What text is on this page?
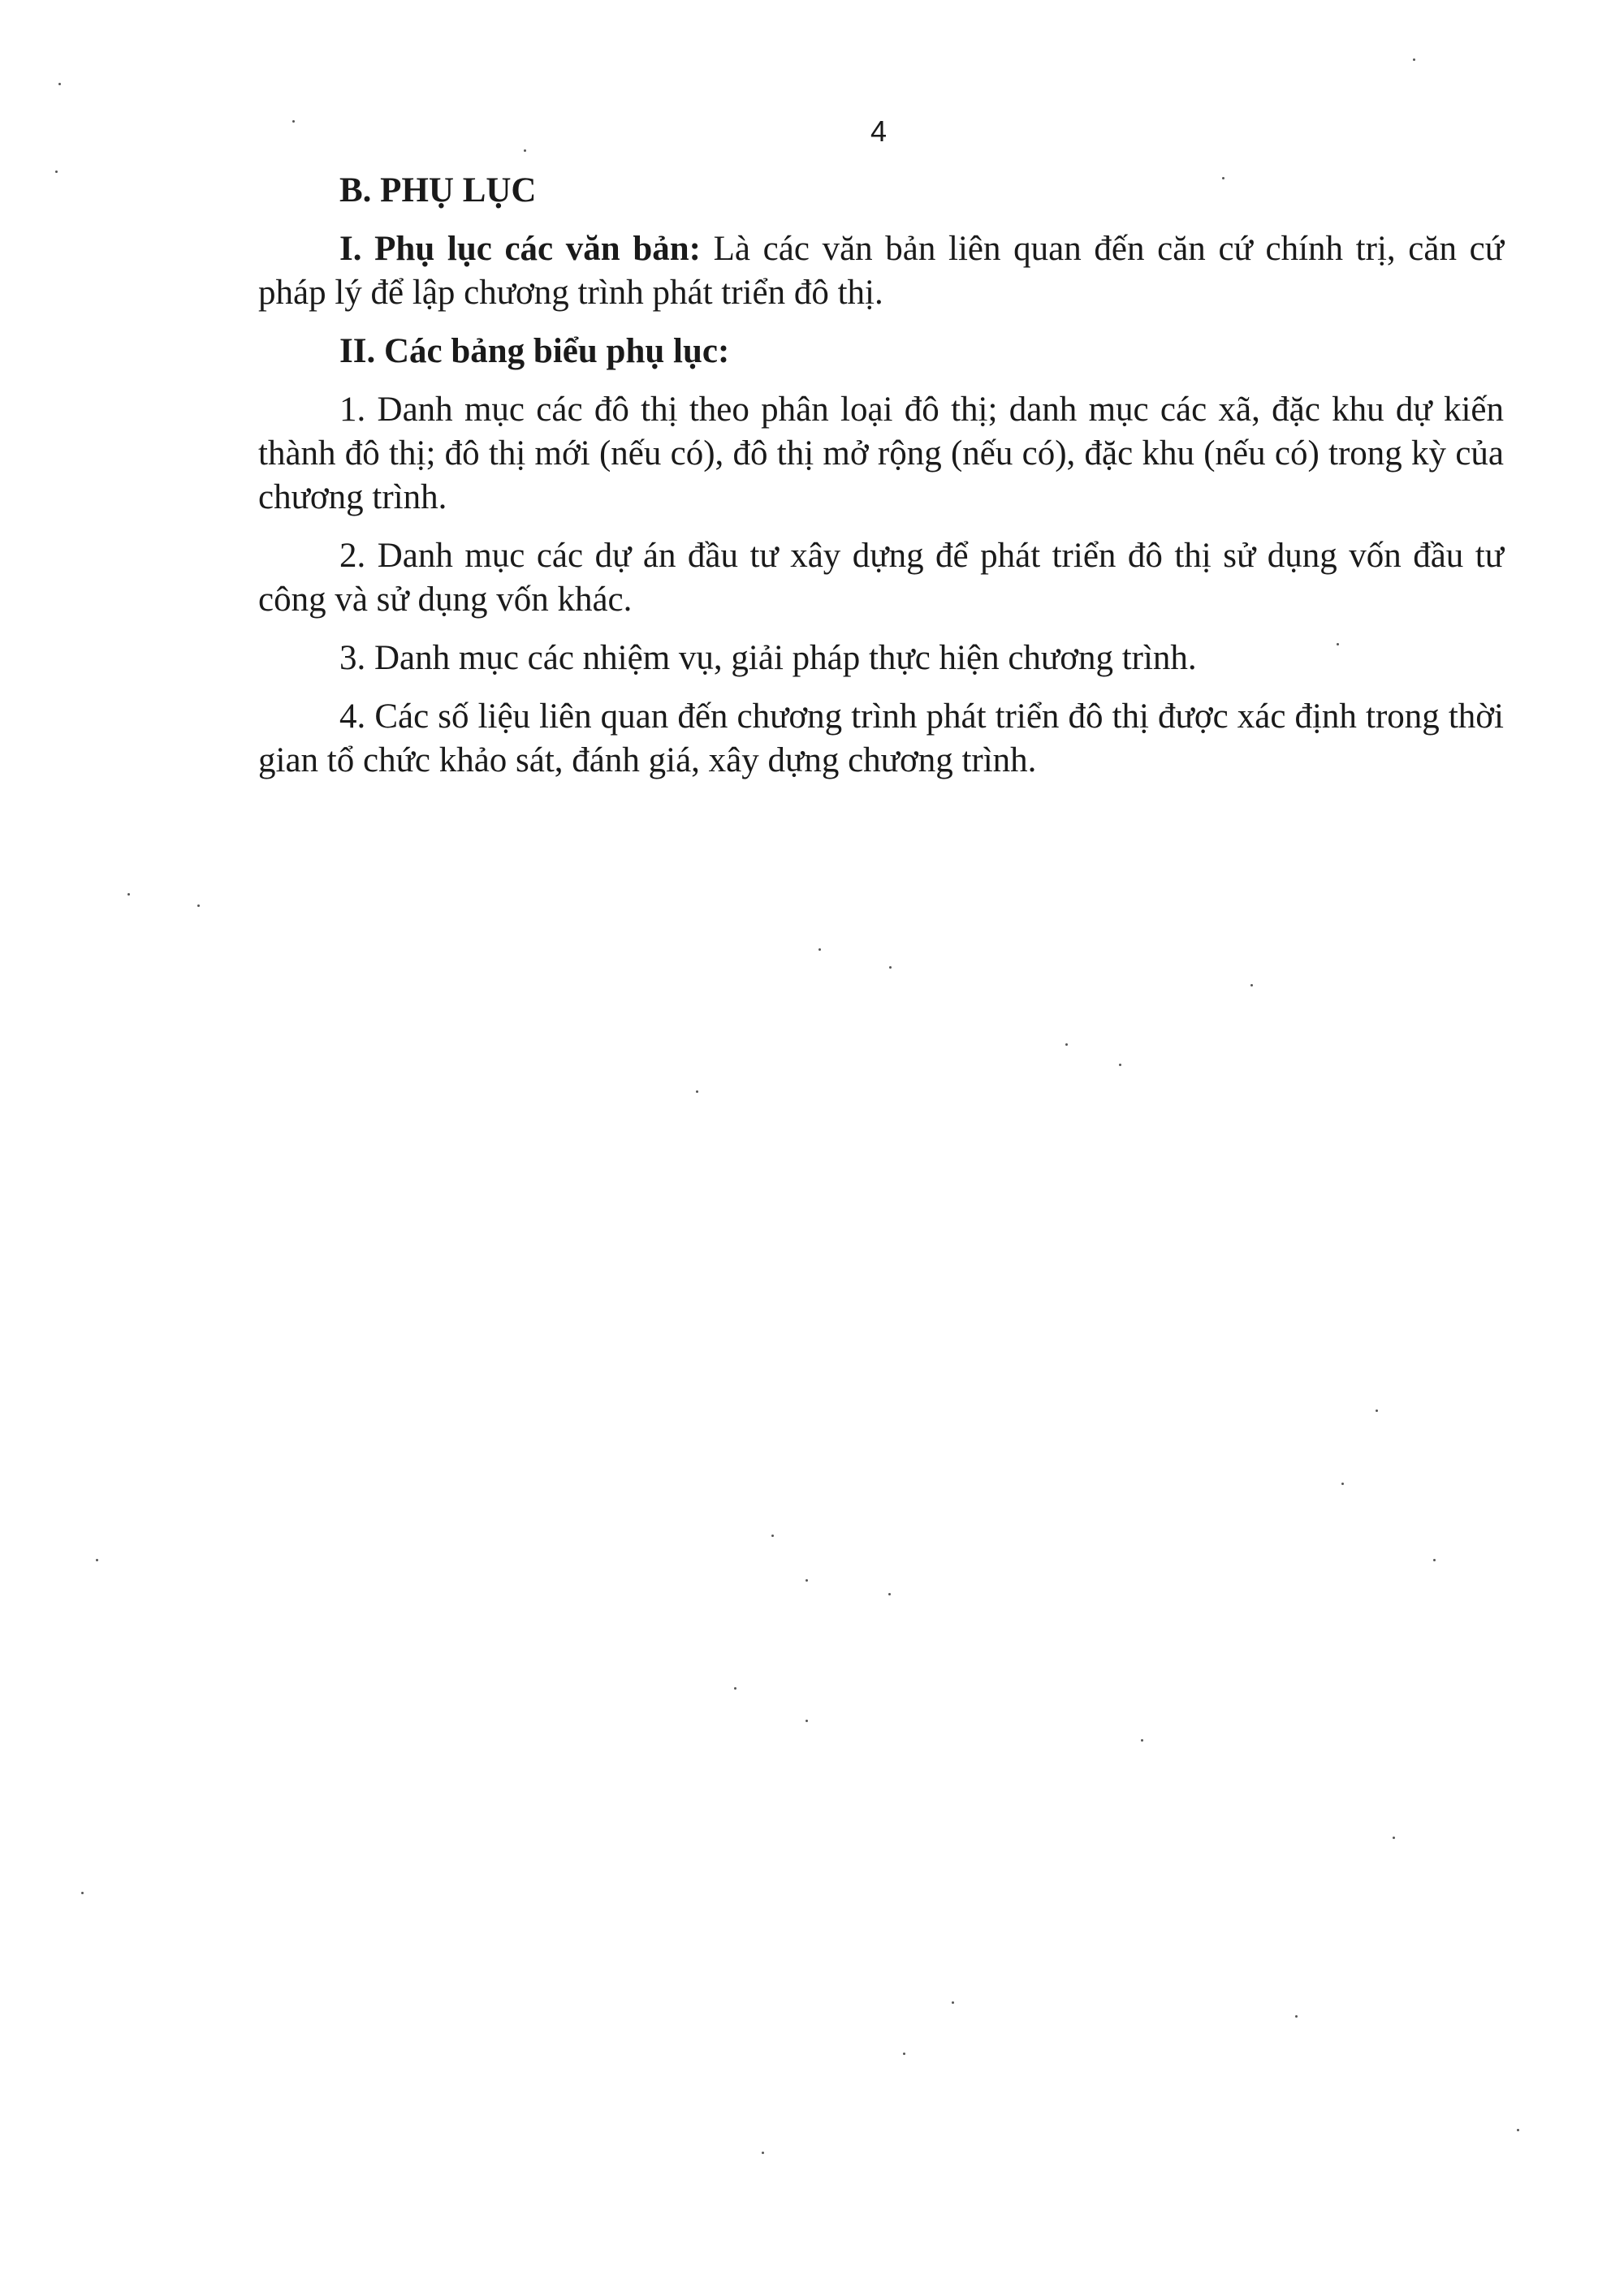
4
B. PHỤ LỤC

I. Phụ lục các văn bản: Là các văn bản liên quan đến căn cứ chính trị, căn cứ pháp lý để lập chương trình phát triển đô thị.

II. Các bảng biểu phụ lục:

1. Danh mục các đô thị theo phân loại đô thị; danh mục các xã, đặc khu dự kiến thành đô thị; đô thị mới (nếu có), đô thị mở rộng (nếu có), đặc khu (nếu có) trong kỳ của chương trình.

2. Danh mục các dự án đầu tư xây dựng để phát triển đô thị sử dụng vốn đầu tư công và sử dụng vốn khác.

3. Danh mục các nhiệm vụ, giải pháp thực hiện chương trình.

4. Các số liệu liên quan đến chương trình phát triển đô thị được xác định trong thời gian tổ chức khảo sát, đánh giá, xây dựng chương trình.
